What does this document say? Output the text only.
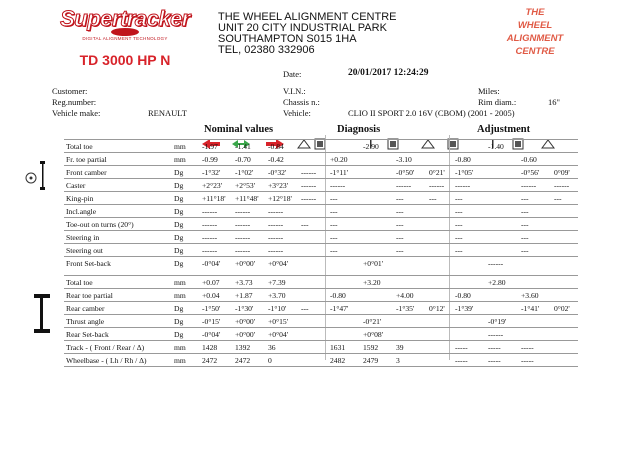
Supertracker
DIGITAL ALIGNMENT TECHNOLOGY
TD 3000 HP N
THE WHEEL ALIGNMENT CENTRE
UNIT 20 CITY INDUSTRIAL PARK
SOUTHAMPTON S015 1HA
TEL, 02380 332906
THE
WHEEL
ALIGNMENT
CENTRE
Date:	20/01/2017 12:24:29
Customer:
Reg.number:
Vehicle make:	RENAULT
V.I.N.:
Chassis n.:
Vehicle:	CLIO II SPORT 2.0 16V (CBOM) (2001 - 2005)
Miles:
Rim diam.:	16"
Nominal values	Diagnosis	Adjustment
Total toe	mm	-1.97	-1.41	-0.84			-2.90				-1.40		
Fr. toe partial	mm	-0.99	-0.70	-0.42		+0.20		-3.10		-0.80		-0.60	
Front camber	Dg	-1°32'	-1°02'	-0°32'	------	-1°11'		-0°50'	0°21'	-1°05'		-0°56'	0°09'
Caster	Dg	+2°23'	+2°53'	+3°23'	------	------		------	------	------		------	------
King-pin	Dg	+11°18'	+11°48'	+12°18'	------	---		---	---	---		---	---
Incl.angle	Dg	------	------	------		---		---		---		---	
Toe-out on turns (20°)	Dg	------	------	------	---	---		---		---		---	
Steering in	Dg	------	------	------		---		---		---		---	
Steering out	Dg	------	------	------		---		---		---		---	
Front Set-back	Dg	-0°04'	+0°00'	+0°04'			+0°01'				------		

Total toe	mm	+0.07	+3.73	+7.39			+3.20				+2.80		
Rear toe partial	mm	+0.04	+1.87	+3.70		-0.80		+4.00		-0.80		+3.60	
Rear camber	Dg	-1°50'	-1°30'	-1°10'	---	-1°47'		-1°35'	0°12'	-1°39'		-1°41'	0°02'
Thrust angle	Dg	-0°15'	+0°00'	+0°15'			-0°21'				-0°19'		
Rear Set-back	Dg	-0°04'	+0°00'	+0°04'			+0°08'				------		
Track - ( Front / Rear / Δ)	mm	1428	1392	36		1631	1592	39		-----	-----	-----	
Wheelbase - ( Lh / Rh / Δ)	mm	2472	2472	0		2482	2479	3		-----	-----	-----	
